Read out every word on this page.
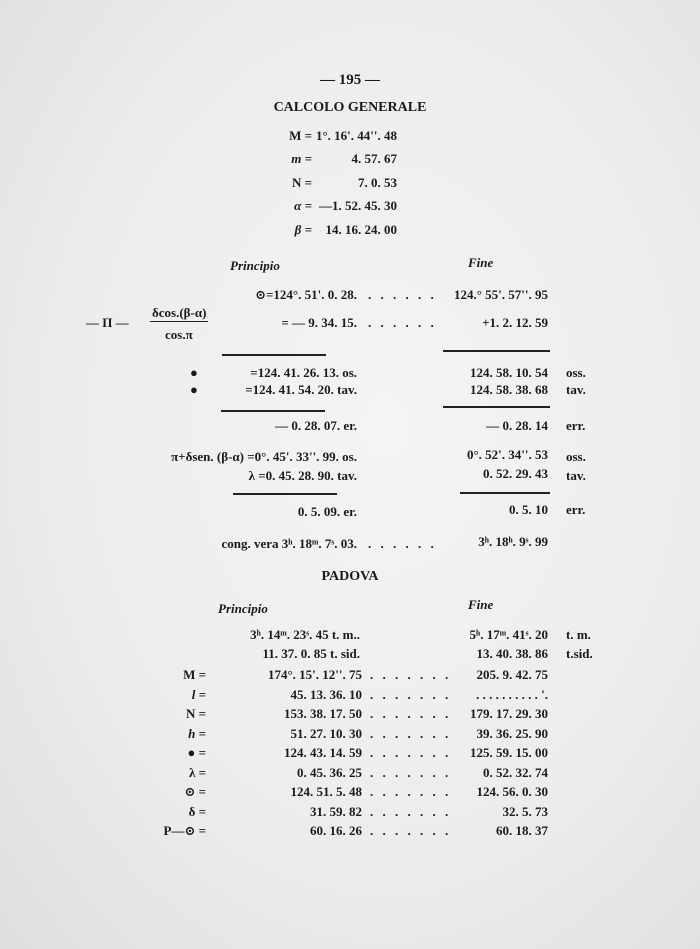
— 195 —
CALCOLO GENERALE
M = 1°. 16'. 44''. 48
m =	4. 57. 67
N =	7. 0. 53
α = —1. 52. 45. 30
β = 14. 16. 24. 00
Principio	Fine
⊙=124°. 51'. 0. 28. . . . . . . 124.° 55'. 57''. 95
— Π —
δcos.(β-α)
cos.π
= — 9. 34. 15. . . . . . .	+1. 2. 12. 59
●	=124. 41. 26. 13. os.	124. 58. 10. 54 oss.
●	=124. 41. 54. 20. tav.	124. 58. 38. 68 tav.
— 0. 28. 07. er.	— 0. 28. 14 err.
π+δsen. (β-α) =0°. 45'. 33''. 99. os.	0°. 52'. 34''. 53 oss.
λ =0. 45. 28. 90. tav.	0. 52. 29. 43 tav.
0. 5. 09. er.	0. 5. 10 err.
cong. vera 3ʰ. 18ᵐ. 7ˢ. 03. . . . . . .	3ʰ. 18ʰ. 9ˢ. 99
PADOVA
Principio	Fine
3ʰ. 14ᵐ. 23ˢ. 45 t. m..	5ʰ. 17ᵐ. 41ˢ. 20 t. m.
11. 37. 0. 85 t. sid.	13. 40. 38. 86 t.sid.
M =	174°. 15'. 12''. 75 . . . . . . . 205. 9. 42. 75
l =	45. 13. 36. 10 . . . . . . . . . . . . . . . . . '.
N =	153. 38. 17. 50 . . . . . . . 179. 17. 29. 30
h =	51. 27. 10. 30 . . . . . . . 39. 36. 25. 90
● =	124. 43. 14. 59 . . . . . . . 125. 59. 15. 00
λ =	0. 45. 36. 25 . . . . . . . 0. 52. 32. 74
⊙ =	124. 51. 5. 48 . . . . . . . 124. 56. 0. 30
δ =	31. 59. 82 . . . . . . .	32. 5. 73
P—⊙ =	60. 16. 26 . . . . . . .	60. 18. 37
